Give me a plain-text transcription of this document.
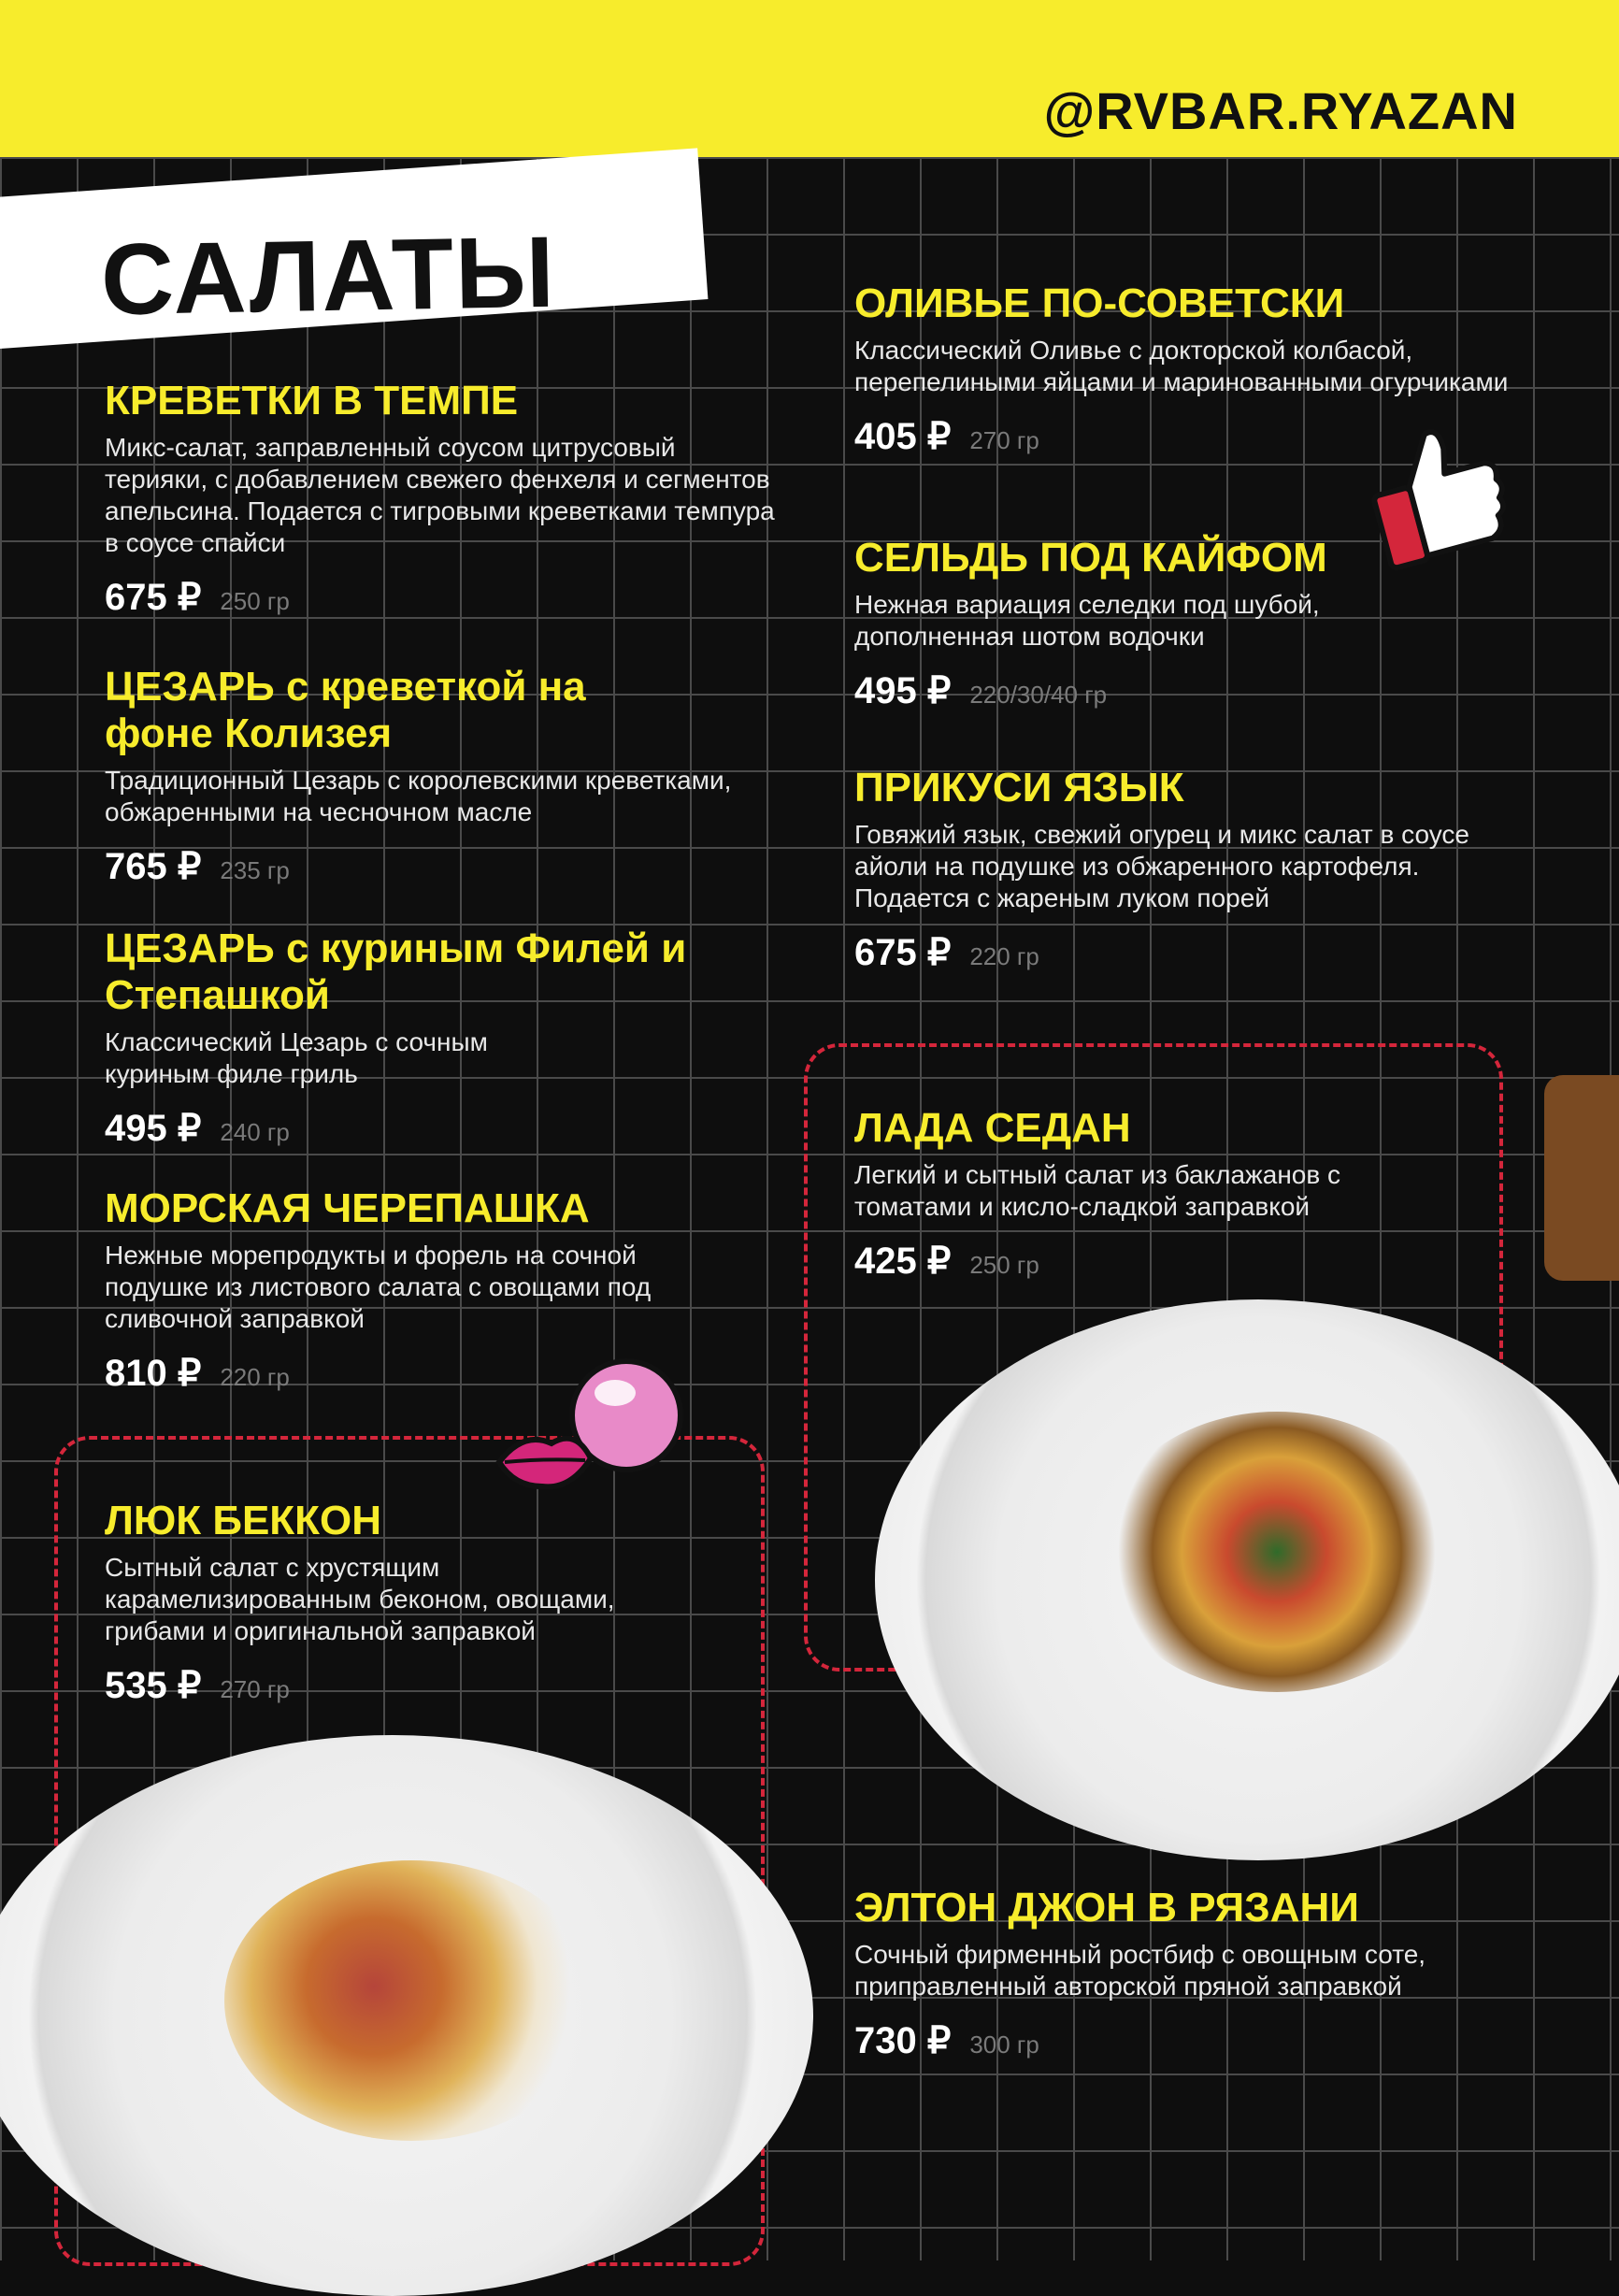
@RVBAR.RYAZAN
САЛАТЫ
КРЕВЕТКИ В ТЕМПЕ

Микс-салат, заправленный соусом цитрусовый терияки, с добавлением свежего фенхеля и сегментов апельсина. Подается с тигровыми креветками темпура в соусе спайси

675 ₽ 250 гр
ЦЕЗАРЬ с креветкой на фоне Колизея

Традиционный Цезарь с королевскими креветками, обжаренными на чесночном масле

765 ₽ 235 гр
ЦЕЗАРЬ с куриным Филей и Степашкой

Классический Цезарь с сочным куриным филе гриль

495 ₽ 240 гр
МОРСКАЯ ЧЕРЕПАШКА

Нежные морепродукты и форель на сочной подушке из листового салата с овощами под сливочной заправкой

810 ₽ 220 гр
ЛЮК БЕККОН

Сытный салат с хрустящим карамелизированным беконом, овощами, грибами и оригинальной заправкой

535 ₽ 270 гр
ОЛИВЬЕ ПО-СОВЕТСКИ

Классический Оливье с докторской колбасой, перепелиными яйцами и маринованными огурчиками

405 ₽ 270 гр
СЕЛЬДЬ ПОД КАЙФОМ

Нежная вариация селедки под шубой, дополненная шотом водочки

495 ₽ 220/30/40 гр
ПРИКУСИ ЯЗЫК

Говяжий язык, свежий огурец и микс салат в соусе айоли на подушке из обжаренного картофеля. Подается с жареным луком порей

675 ₽ 220 гр
ЛАДА СЕДАН

Легкий и сытный салат из баклажанов с томатами и кисло-сладкой заправкой

425 ₽ 250 гр
ЭЛТОН ДЖОН В РЯЗАНИ

Сочный фирменный ростбиф с овощным соте, приправленный авторской пряной заправкой

730 ₽ 300 гр
